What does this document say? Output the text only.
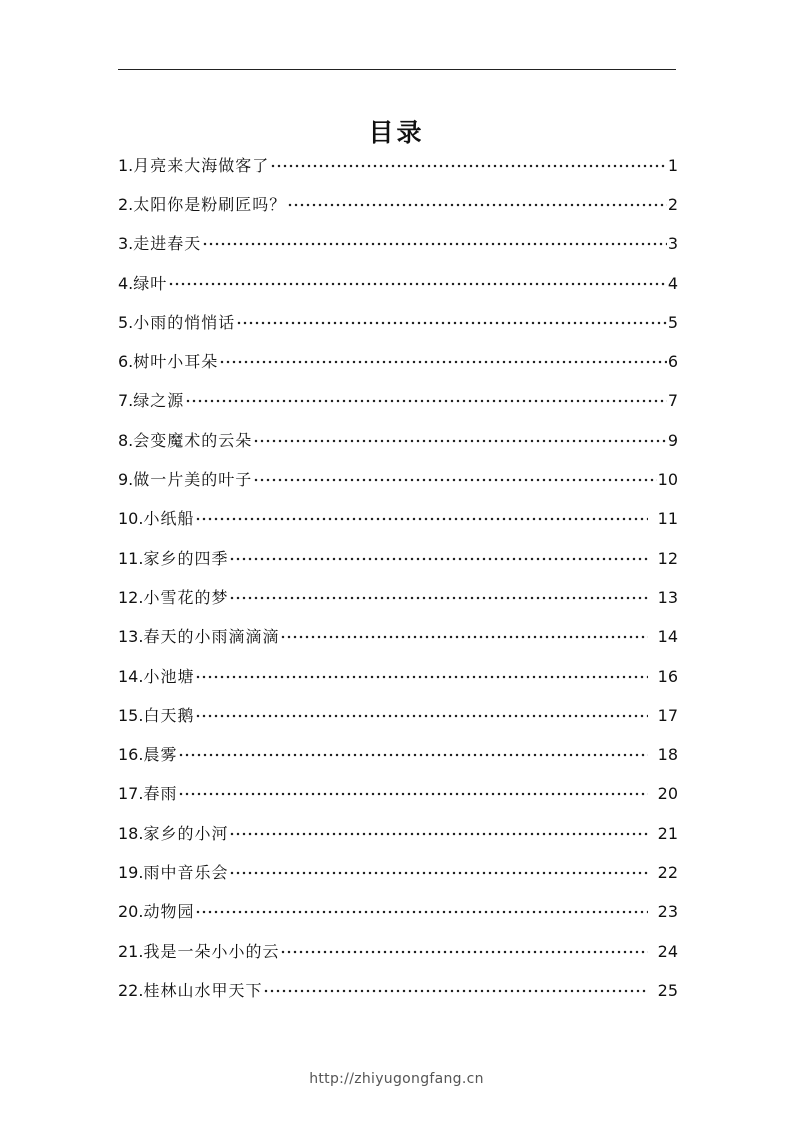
目录
1. 月亮来大海做客了	1
2. 太阳你是粉刷匠吗？	2
3. 走进春天	3
4. 绿叶	4
5. 小雨的悄悄话	5
6. 树叶小耳朵	6
7. 绿之源	7
8. 会变魔术的云朵	9
9. 做一片美的叶子	10
10. 小纸船	11
11. 家乡的四季	12
12. 小雪花的梦	13
13. 春天的小雨滴滴滴	14
14. 小池塘	16
15. 白天鹅	17
16. 晨雾	18
17. 春雨	20
18. 家乡的小河	21
19. 雨中音乐会	22
20. 动物园	23
21. 我是一朵小小的云	24
22. 桂林山水甲天下	25
http://zhiyugongfang.cn
